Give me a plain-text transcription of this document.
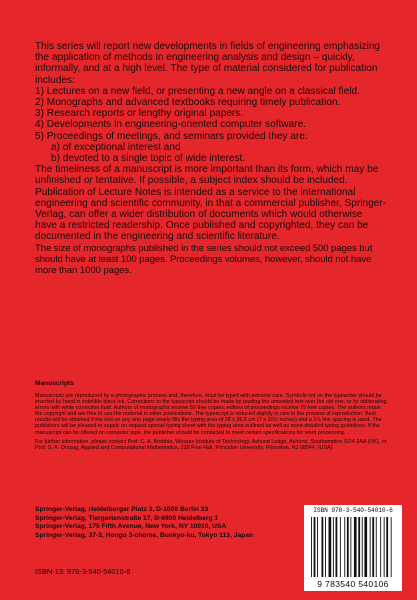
This series will report new developments in fields of engineering emphasizing the application of methods in engineering analysis and design – quickly, informally, and at a high level. The type of material considered for publication includes:

1) Lectures on a new field, or presenting a new angle on a classical field.

2) Monographs and advanced textbooks requiring timely publication.

3) Research reports or lengthy original papers.

4) Developments in engineering-oriented computer software.

5) Proceedings of meetings, and seminars provided they are:

a) of exceptional interest and

b) devoted to a single topic of wide interest.

The timeliness of a manuscript is more important than its form, which may be unfinished or tentative. If possible, a subject index should be included.

Publication of Lecture Notes is intended as a service to the international engineering and scientific community, in that a commercial publisher, Springer-Verlag, can offer a wider distribution of documents which would otherwise have a restricted readership. Once published and copyrighted, they can be documented in the engineering and scientific literature.

The size of monographs published in the series should not exceed 500 pages but should have at least 100 pages. Proceedings volumes, however, should not have more than 1000 pages.

Manuscripts

Manuscripts are reproduced by a photographic process and, therefore, must be typed with extreme care. Symbols not on the typewriter should be inserted by hand in indelible black ink. Corrections to the typescript should be made by pasting the amended text over the old one, or by obliterating errors with white correction fluid. Authors of monographs receive 50 free copies; editors of proceedings receive 75 free copies. The authors retain the copyright and are free to use the material in other publications. The typescript is reduced slightly in size in the process of reproduction. Best results will be obtained if the text on any one page nearly fills the typing area of 18 x 26,5 cm (7 x 10½ inches) and a 1½ line spacing is used. The publishers will be pleased to supply on request special typing sheet with the typing area outlined as well as more detailed typing guidelines. If the manuscript can be offered on computer tape, the publisher should be contacted to meet certain specifications for word processing.

For further information, please contact Prof. C. A. Brebbia, Wessex Institute of Technology, Ashurst Lodge, Ashurst, Southampton SO4 2AA (UK), or Prof. S. A. Orszag, Applied and Computational Mathematics, 218 Fine Hall, Princeton University, Princeton, NJ 08544, (USA).

Springer-Verlag, Heidelberger Platz 3, D-1000 Berlin 33
Springer-Verlag, Tiergartenstraße 17, D-6900 Heidelberg 1
Springer-Verlag, 175 Fifth Avenue, New York, NY 10010, USA
Springer-Verlag, 37-3, Hongo 3-chome, Bunkyo-ku, Tokyo 113, Japan
ISBN-13: 978-3-540-54010-6
ISBN 978-3-540-54010-6
9 783540 540106
